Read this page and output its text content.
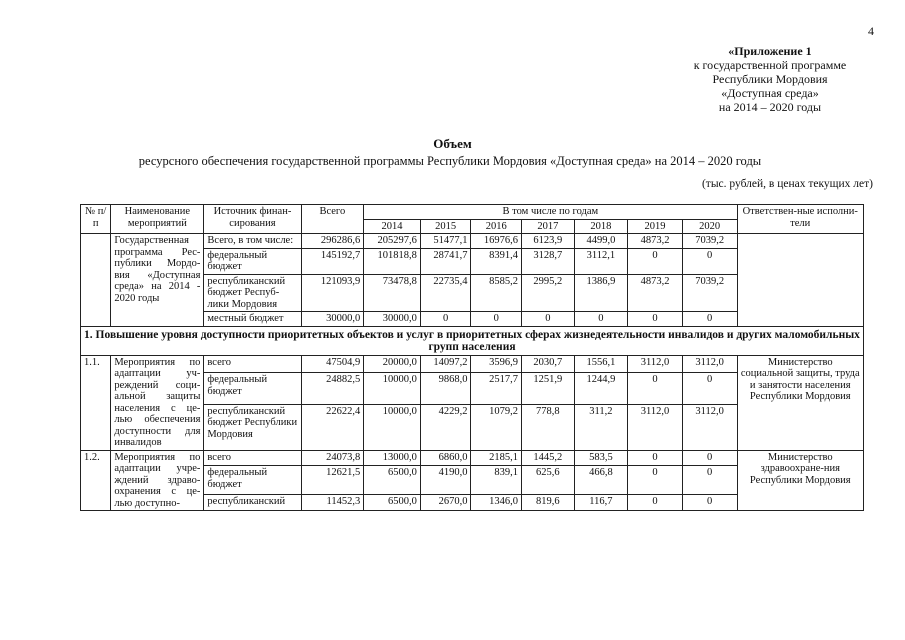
4
«Приложение 1
к государственной программе
Республики Мордовия
«Доступная среда»
на 2014 – 2020 годы
Объем
ресурсного обеспечения государственной программы Республики Мордовия «Доступная среда» на 2014 – 2020 годы
(тыс. рублей, в ценах текущих лет)
№ п/п	Наименование мероприятий	Источник финан-сирования	Всего	В том числе по годам							Ответствен-ные исполни-тели
				2014	2015	2016	2017	2018	2019	2020	
	Государственная программа Рес-публики Мордо-вия «Доступная среда» на 2014 - 2020 годы	Всего, в том числе:	296286,6	205297,6	51477,1	16976,6	6123,9	4499,0	4873,2	7039,2	
		федеральный бюджет	145192,7	101818,8	28741,7	8391,4	3128,7	3112,1	0	0	
		республиканский бюджет Респуб-лики Мордовия	121093,9	73478,8	22735,4	8585,2	2995,2	1386,9	4873,2	7039,2	
		местный бюджет	30000,0	30000,0	0	0	0	0	0	0	
1. Повышение уровня доступности приоритетных объектов и услуг в приоритетных сферах жизнедеятельности инвалидов и других маломобильных групп населения											
1.1.	Мероприятия по адаптации уч-реждений соци-альной защиты населения с це-лью обеспечения доступности для инвалидов	всего	47504,9	20000,0	14097,2	3596,9	2030,7	1556,1	3112,0	3112,0	Министерство социальной защиты, труда и занятости населения Республики Мордовия
		федеральный бюджет	24882,5	10000,0	9868,0	2517,7	1251,9	1244,9	0	0	
		республиканский бюджет Республики Мордовия	22622,4	10000,0	4229,2	1079,2	778,8	311,2	3112,0	3112,0	
1.2.	Мероприятия по адаптации учре-ждений здраво-охранения с це-лью доступно-	всего	24073,8	13000,0	6860,0	2185,1	1445,2	583,5	0	0	Министерство здравоохране-ния Республики Мордовия
		федеральный бюджет	12621,5	6500,0	4190,0	839,1	625,6	466,8	0	0	
		республиканский	11452,3	6500,0	2670,0	1346,0	819,6	116,7	0	0	
